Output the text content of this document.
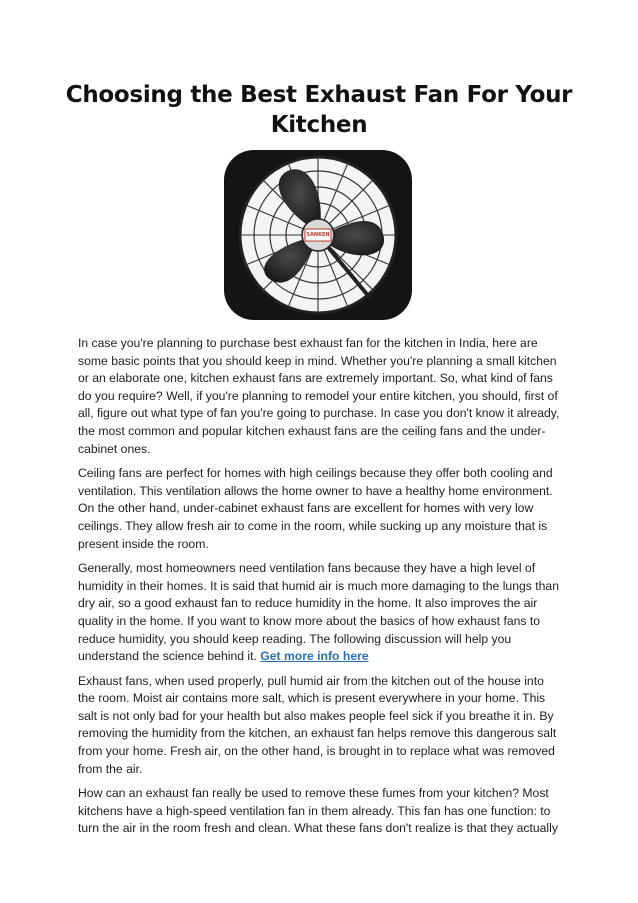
Choosing the Best Exhaust Fan For Your Kitchen
SANKEN

In case you're planning to purchase best exhaust fan for the kitchen in India, here are some basic points that you should keep in mind. Whether you're planning a small kitchen or an elaborate one, kitchen exhaust fans are extremely important. So, what kind of fans do you require? Well, if you're planning to remodel your entire kitchen, you should, first of all, figure out what type of fan you're going to purchase. In case you don't know it already, the most common and popular kitchen exhaust fans are the ceiling fans and the under-cabinet ones.

Ceiling fans are perfect for homes with high ceilings because they offer both cooling and ventilation. This ventilation allows the home owner to have a healthy home environment. On the other hand, under-cabinet exhaust fans are excellent for homes with very low ceilings. They allow fresh air to come in the room, while sucking up any moisture that is present inside the room.

Generally, most homeowners need ventilation fans because they have a high level of humidity in their homes. It is said that humid air is much more damaging to the lungs than dry air, so a good exhaust fan to reduce humidity in the home. It also improves the air quality in the home. If you want to know more about the basics of how exhaust fans to reduce humidity, you should keep reading. The following discussion will help you understand the science behind it. Get more info here

Exhaust fans, when used properly, pull humid air from the kitchen out of the house into the room. Moist air contains more salt, which is present everywhere in your home. This salt is not only bad for your health but also makes people feel sick if you breathe it in. By removing the humidity from the kitchen, an exhaust fan helps remove this dangerous salt from your home. Fresh air, on the other hand, is brought in to replace what was removed from the air.

How can an exhaust fan really be used to remove these fumes from your kitchen? Most kitchens have a high-speed ventilation fan in them already. This fan has one function: to turn the air in the room fresh and clean. What these fans don't realize is that they actually
